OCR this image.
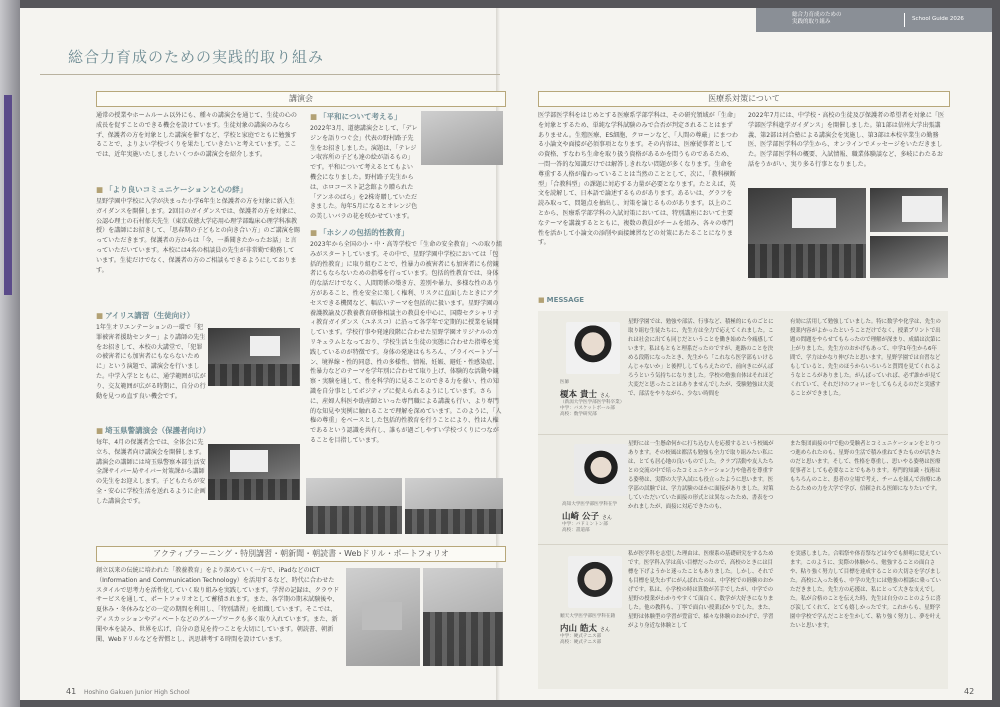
総合力育成のための実践的取り組み
講演会
通常の授業やホームルーム以外にも、種々の講演会を通じて、生徒の心の成長を促すことのできる機会を設けています。生徒対象の講演のみならず、保護者の方を対象とした講演を催すなど、学校と家庭でともに勉強することで、よりよい学校づくりを果たしていきたいと考えています。ここでは、近年実施いたしましたいくつかの講演会を紹介します。
■ 「より良いコミュニケーションと心の絆」
星野学園中学校に入学が決まった小学6年生と保護者の方を対象に新入生ガイダンスを開催します。2回目のガイダンスでは、保護者の方を対象に、公認心理士の石村郁夫先生（東京成徳大学応用心理学部臨床心理学科准教授）を講師にお招きして、「思春期の子どもとの向き合い方」のご講演を賜っていただきます。保護者の方からは「今、一番聞きたかったお話」と言っていただいています。本校には4名の相談員の先生が非常勤で勤務しています。生徒だけでなく、保護者の方のご相談もできるようにしております。
■ アイリス講習（生徒向け）
1年生オリエンテーションの一環で「犯罪被害者援助センター」より講師の先生をお招きして、本校の大講堂で、「犯罪の被害者にも加害者にもならないために」という演題で、講演会を行いました。中学入学とともに、通学範囲が広がり、交友範囲が広がる時期に、自分の行動を見つめ直す良い機会です。
■ 埼玉県警講演会（保護者向け）
毎年、4月の保護者会では、全体会に先立ち、保護者向け講演会を開催します。講演会の講師には埼玉県警察本部生活安全課サイバー局サイバー対策課から講師の先生をお迎えします。子どもたちが安全・安心に学校生活を送れるように企画した講演会です。
■ 「平和について考える」
2022年3月、道徳講演会として、「デレジンを語りつぐ会」代表の野村路子先生をお招きしました。演題は、「テレジン収容所の子ども達の絵が語るもの」です。平和について考えるとてもよい機会になりました。野村路子先生からは、ホロコースト記念館より贈られた「アンネのばら」を2株寄贈していただきました。毎年5月になるとオレンジ色の美しいバラの花を咲かせています。
■ 「ホシノの包括的性教育」
2023年から全国の小・中・高等学校で「生命の安全教育」への取り組みがスタートしています。その中で、星野学園中学校においては「包括的性教育」に取り組むことで、性暴力の被害者にも加害者にも傍観者にもならないための指導を行っています。包括的性教育では、身体的な話だけでなく、人間関係の築き方、差別や暴力、多様な性のあり方があること、性を安全に楽しく権利、リスクに直面したときにアクセスできる機関など、幅広いテーマを包括的に扱います。星野学園の養護教諭及び教養教育研修相談主の教員を中心に、国際セクシャリティ教育ガイダンス（ユネスコ）に沿って各学年で定期的に授業を展開しています。学校行事や発達段階に合わせた星野学園オリジナルのカリキュラムとなっており、学校生活と生徒の実態に合わせた指導を実践しているのが特徴です。身体の発達はもちろん、プライベートゾーン、境界線・性的同意、性の多様性、情報、妊娠、避妊・性感染症、性暴力などのテーマを学年別に合わせて取り上げ、体験的な活動や観察・実験を通して、性を科学的に見ることのできる力を養い、性の知識を自分事としてポジティブに捉えられるようにしています。さらに、産婦人科医や助産師といった専門職による講義も行い、より専門的な知見や実例に触れることで理解を深めています。このように、「人権の尊重」をベースとした包括的性教育を行うことにより、性は人権であるという認識を共有し、誰もが過ごしやすい学校づくりにつながることを目指しています。
アクティブラーニング・特別講習・朝新聞・朝読書・Webドリル・ポートフォリオ
創立以来の伝統に培われた「教養教育」をより深めていく一方で、iPadなどのICT（Information and Communication Technology）を活用するなど、時代に合わせたスタイルで思考力を活性化していく取り組みを実践しています。学習の記録は、クラウドサービスを通して、ポートフォリオとして蓄積されます。また、各学期の期末試験後や、夏休み・冬休みなどの一定の期間を利用し、「特別講習」を組織しています。そこでは、ディスカッションやディベートなどのグループワークも多く取り入れています。また、新聞や本を読み、世界を広げ、自分の意見を持つことを大切にしています。朝読書、朝新聞、Webドリルなどを習慣とし、汎思耕考する時間を設けています。
41 Hoshino Gakuen Junior High School
総合力育成のための
実践的取り組み	School Guide 2026
医療系対策について
医学部医学科をはじめとする医療系学部学科は、その研究領域が「生命」を対象とするため、単純な学科試験のみで合否が判定されることはまずありません。生殖医療、ES細胞、クローンなど、「人間の尊厳」にまつわる小論文や面接が必須事項となります。その内容は、医療従事者としての資格、すなわち生命を取り扱う資格があるかを問うものであるため、一問一答的な知識だけでは解答しきれない問題が多くなります。生命を尊重する人格が備わっていることは当然のこととして、次に、「教科横断型」「合教科型」の課題に対応する力量が必要となります。たとえば、英文を読解して、日本語で論述するものがあります。あるいは、グラフを読み取って、問題点を抽出し、対策を論じるものがあります。以上のことから、医療系学部学科の入試対策においては、特別講座において主要なテーマを講義するとともに、複数の教員がチームを組み、各々の専門性を活かして小論文の添削や面接練習などの対策にあたることになります。
2022年7月には、中学校・高校の生徒及び保護者の希望者を対象に「医学部医学科進学ガイダンス」を開催しました。第1部は信州大学出張講義、第2部は河合塾による講演会を実施し、第3部は本校卒業生の勤務医、医学部医学科の学生から、オンラインでメッセージをいただきました。医学部医学科の概要、入試情報、職業体験談など、多岐にわたるお話をうかがい、実り多る行事となりました。
■ MESSAGE
医師
榎本 貴士 さん
（新潟大学医学部医学科卒業）
中学：バスケットボール部
高校：数学研究部
星野学園では、勉強や部活、行事など、積極的にものごとに取り組む生徒たちに、先生方は全力で応えてくれました。これは社会に出ても同じだということを働き始めた今痛感しています。私はもともと理系だったのですが、進路のことを決める段階になったとき、先生から「これなら医学部もいけるんじゃないか」と後押ししてもらえたので、前向きにがんばろうという気持ちになりました。学校の勉強自体はそれほど大変だと思ったことはありませんでしたが、受験勉強は大変で、部活をやりながら、少ない時間を
有効に活用して勉強していました。特に数学や化学は、先生の授業内容がよかったということだけでなく、授業プリントで出題の問題をやらせてもらったので理解が深まり、成績は次第に上がりました。先生方のおかげもあって、中学1年生から6年間で、学力はかなり伸びたと思います。星野学園では自習などもしていると、先生のほうからいろいろと質問を見てくれるようなところがありました。がんばっていれば、必ず誰かが見てくれていて、それだけのフォローをしてもらえるのだと実感することができました。
高知大学医学部医学科在学
山崎 公子 さん
中学：バドミントン部
高校：書道部
星野には一生懸命何かに打ち込む人を応援するという校風があります。その校風は都活も勉強も全力で取り組みたい私には、とても居心地の良いものでした。クラブ活動や友人たちとの交流の中で培ったコミュニケーション力や他者を尊重する姿勢は、実際の大学入試にも役立ったように思います。医学部の試験では、学力試験のほかに面接がありました。対策していただいていた面接の形式とは異なったため、書表をつかれましたが、面接に対応できたのも、
また集団面接の中で他の受験者とコミュニケーションをとりつつ進められたのも、星野の生活で積み重ねてきたものが活きたのだと思います。そして、性格を尊重し、思いやる姿勢は医療従事者としても必要なことでもあります。専門的知識・技術はもちろんのこと、患者の立場で考え、チームを組んで治療にあたるための力を大学で学び、信頼される医師になりたいです。
順天大学医学部医学科在籍
内山 皓太 さん
中学：硬式テニス部
高校：硬式テニス部
私が医学科を志望した理由は、医療系の基礎研究をするためです。医学科入学は高い目標だったので、高校のときには目標を下げようかと迷ったこともありました。しかし、それでも目標を見失わずにがんばれたのは、中学校での経験のおかげです。私は、小学校の時は算数が苦手でしたが、中学での星野の授業がわかりやすくて面白く、数学が大好きになりました。他の教科も、丁寧で面白い授業ばかりでした。また、星野は体験型の学習が豊富で、様々な体験のおかげで、学習がより身近な体験として
を実感しました。合唱祭や体育祭などは今でも鮮明に覚えています。このように、実際の体験から、勉強することの面白さや、粘り強く努力して目標を達成することの大切さを学びました。高校に入った後も、中学の先生には勉強の相談に乗っていただきました。先生方の応援は、私にとって大きな支えでした。私が合格のことを伝えた時、先生は自分のことのように喜び涙してくれて、とても嬉しかったです。これからも、星野学園中学校で学んだことを生かして、粘り強く努力し、夢を叶えたいと思います。
42
